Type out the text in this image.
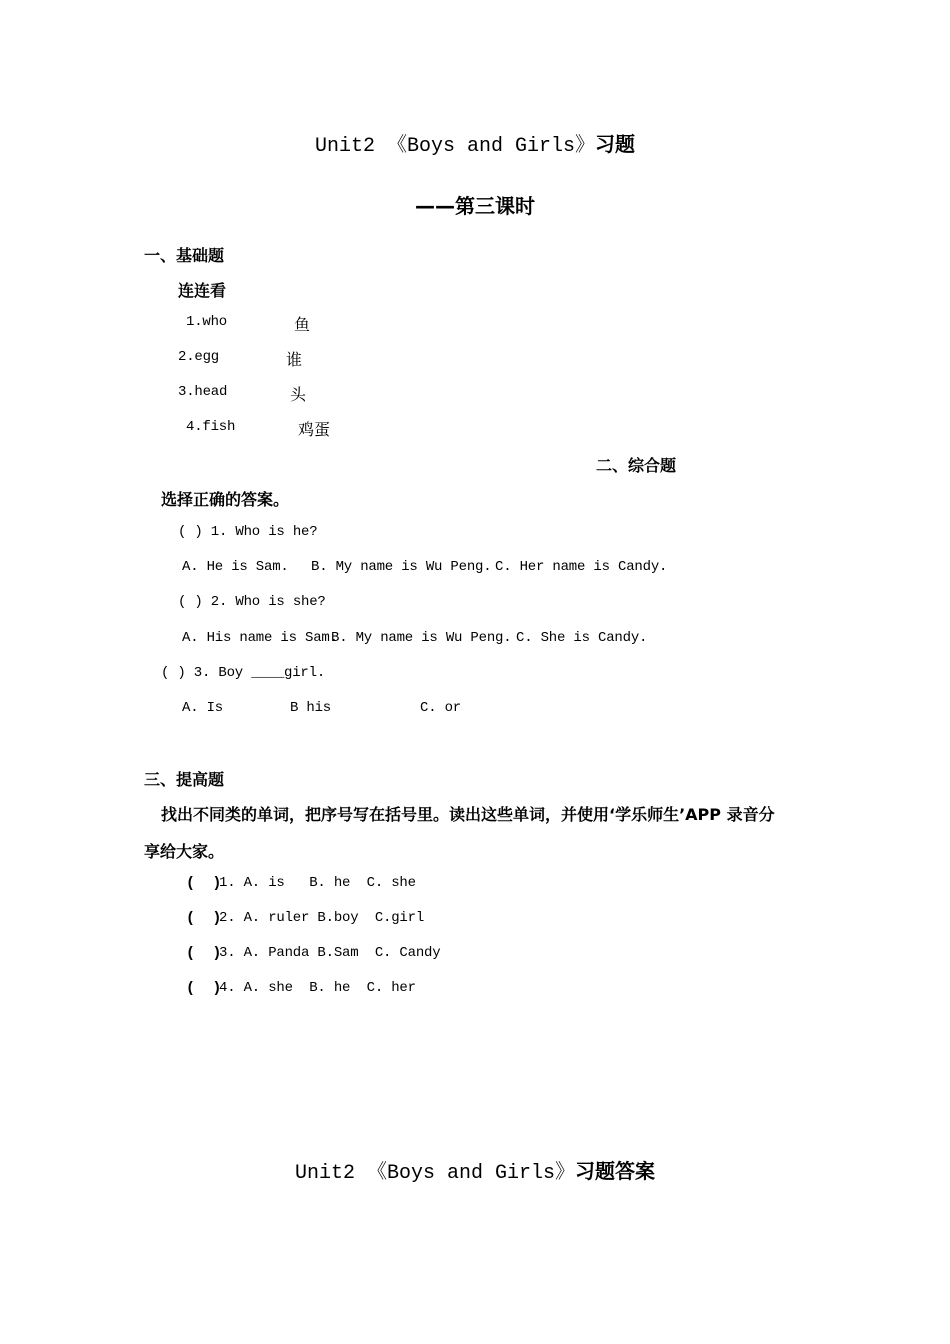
Unit2 《Boys and Girls》习题
——第三课时
一、基础题
连连看
1.who	鱼
2.egg	谁
3.head	头
4.fish	鸡蛋
二、综合题
选择正确的答案。
( ) 1. Who is he?
A. He is Sam. B. My name is Wu Peng. C. Her name is Candy.
( ) 2. Who is she?
A. His name is Sam.
B. My name is Wu Peng. C. She is Candy.
( ) 3. Boy ____girl.
A. Is	B his	C. or
三、提高题
找出不同类的单词，把序号写在括号里。读出这些单词，并使用‘学乐师生’APP 录音分
享给大家。
(  )
1. A. is   B. he  C. she
(  )
2. A. ruler B.boy  C.girl
(  )
3. A. Panda B.Sam  C. Candy
(  )
4. A. she  B. he  C. her
Unit2 《Boys and Girls》习题答案
